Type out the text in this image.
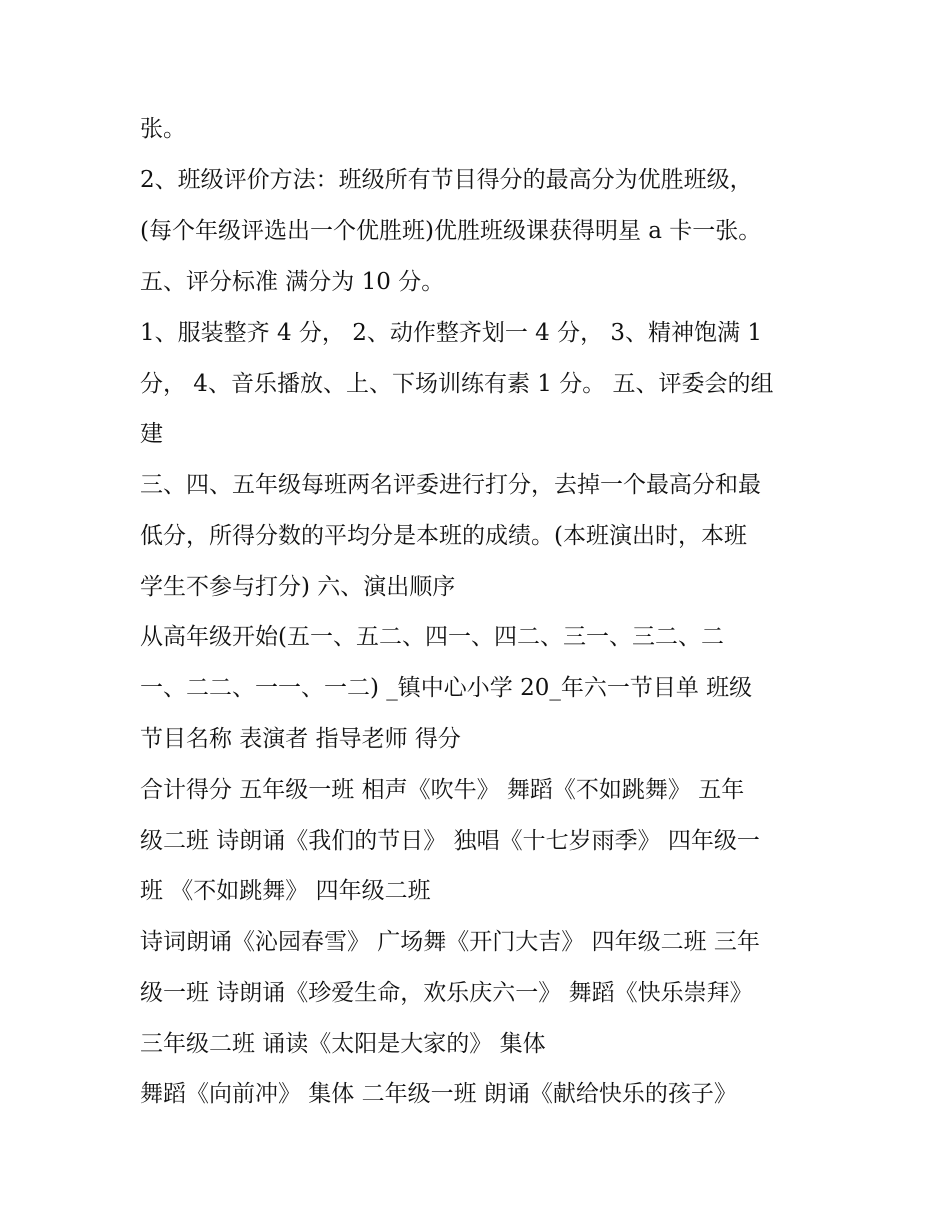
张。
2、班级评价方法：班级所有节目得分的最高分为优胜班级，
(每个年级评选出一个优胜班)优胜班级课获得明星 a 卡一张。
五、评分标准 满分为 10 分。
1、服装整齐 4 分， 2、动作整齐划一 4 分， 3、精神饱满 1
分， 4、音乐播放、上、下场训练有素 1 分。 五、评委会的组
建
三、四、五年级每班两名评委进行打分，去掉一个最高分和最
低分，所得分数的平均分是本班的成绩。(本班演出时，本班
学生不参与打分) 六、演出顺序
从高年级开始(五一、五二、四一、四二、三一、三二、二
一、二二、一一、一二) _镇中心小学 20_年六一节目单 班级
节目名称 表演者 指导老师 得分
合计得分 五年级一班 相声《吹牛》 舞蹈《不如跳舞》 五年
级二班 诗朗诵《我们的节日》 独唱《十七岁雨季》 四年级一
班 《不如跳舞》 四年级二班
诗词朗诵《沁园春雪》 广场舞《开门大吉》 四年级二班 三年
级一班 诗朗诵《珍爱生命，欢乐庆六一》 舞蹈《快乐崇拜》
三年级二班 诵读《太阳是大家的》 集体
舞蹈《向前冲》 集体 二年级一班 朗诵《献给快乐的孩子》
